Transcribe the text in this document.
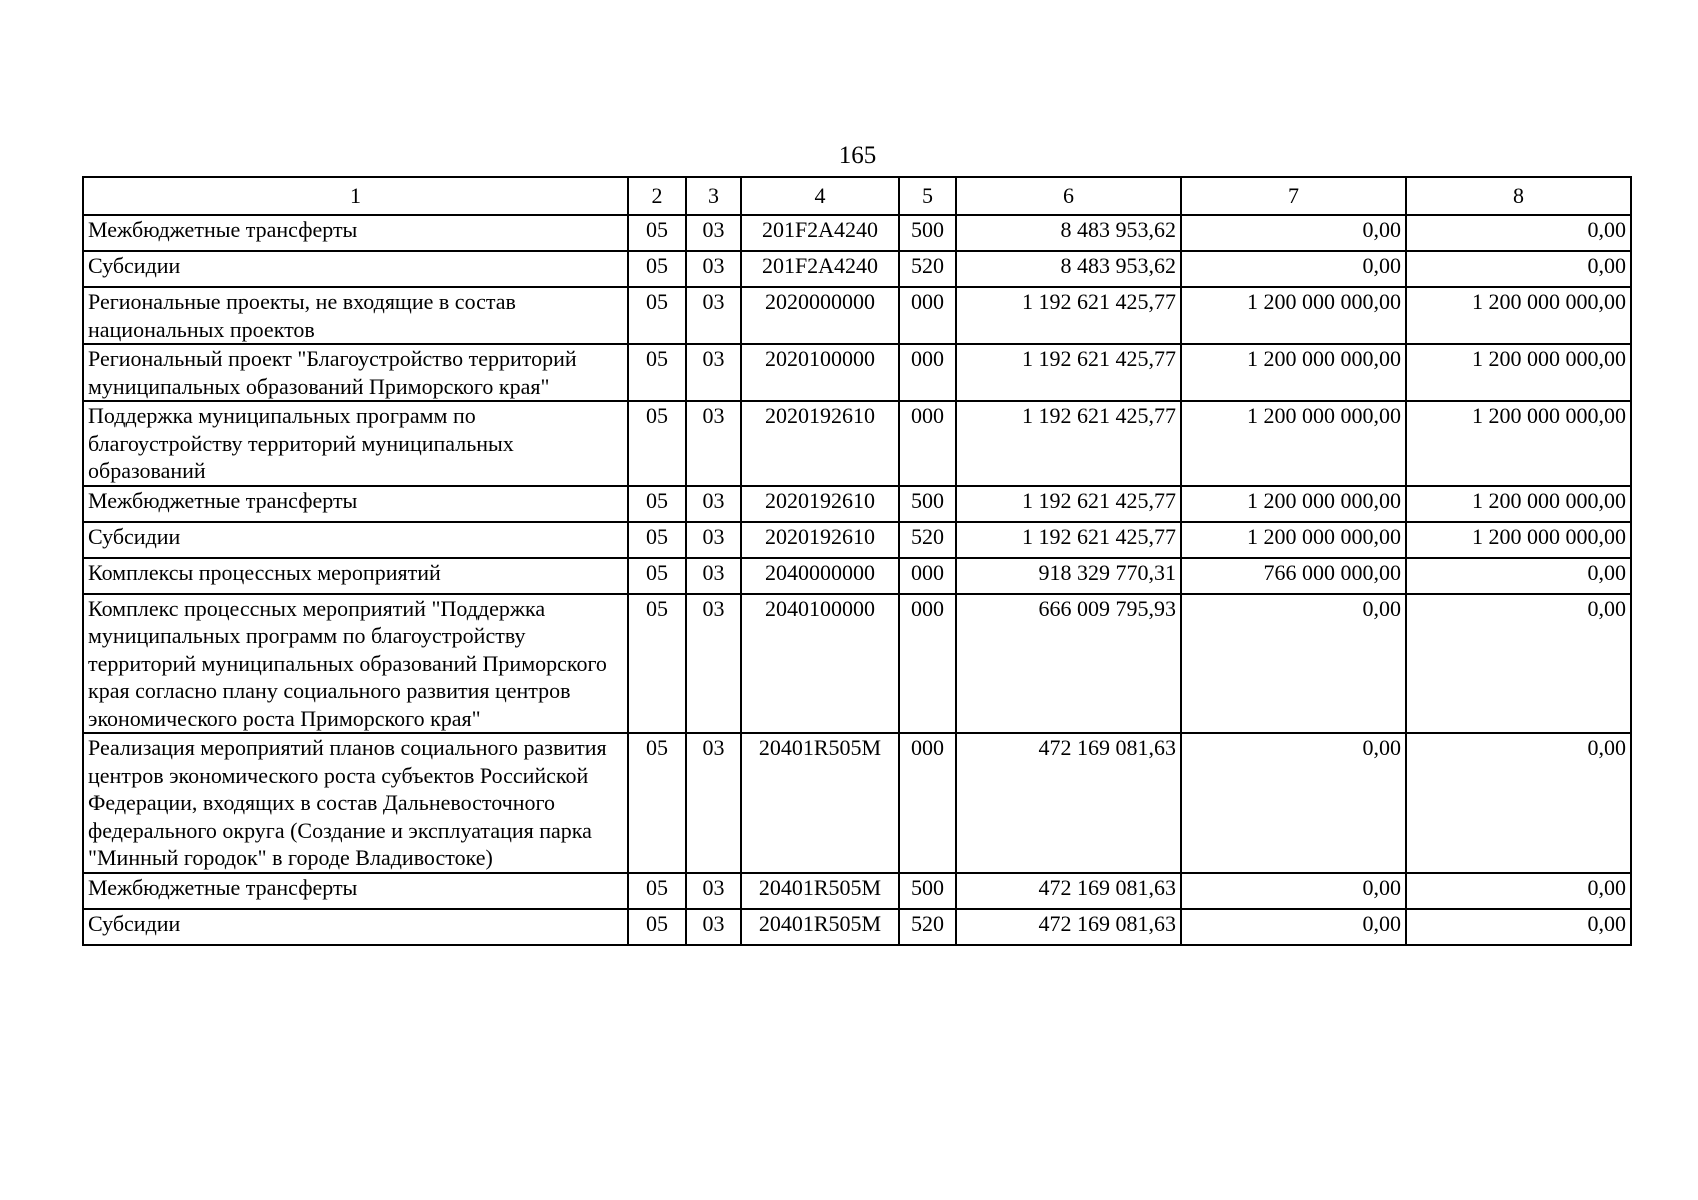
165
1	2	3	4	5	6	7	8
Межбюджетные трансферты	05	03	201F2A4240	500	8 483 953,62	0,00	0,00
Субсидии	05	03	201F2A4240	520	8 483 953,62	0,00	0,00
Региональные проекты, не входящие в состав национальных проектов	05	03	2020000000	000	1 192 621 425,77	1 200 000 000,00	1 200 000 000,00
Региональный проект "Благоустройство территорий муниципальных образований Приморского края"	05	03	2020100000	000	1 192 621 425,77	1 200 000 000,00	1 200 000 000,00
Поддержка муниципальных программ по благоустройству территорий муниципальных образований	05	03	2020192610	000	1 192 621 425,77	1 200 000 000,00	1 200 000 000,00
Межбюджетные трансферты	05	03	2020192610	500	1 192 621 425,77	1 200 000 000,00	1 200 000 000,00
Субсидии	05	03	2020192610	520	1 192 621 425,77	1 200 000 000,00	1 200 000 000,00
Комплексы процессных мероприятий	05	03	2040000000	000	918 329 770,31	766 000 000,00	0,00
Комплекс процессных мероприятий "Поддержка муниципальных программ по благоустройству территорий муниципальных образований Приморского края согласно плану социального развития центров экономического роста Приморского края"	05	03	2040100000	000	666 009 795,93	0,00	0,00
Реализация мероприятий планов социального развития центров экономического роста субъектов Российской Федерации, входящих в состав Дальневосточного федерального округа (Создание и эксплуатация парка "Минный городок" в городе Владивостоке)	05	03	20401R505M	000	472 169 081,63	0,00	0,00
Межбюджетные трансферты	05	03	20401R505M	500	472 169 081,63	0,00	0,00
Субсидии	05	03	20401R505M	520	472 169 081,63	0,00	0,00
